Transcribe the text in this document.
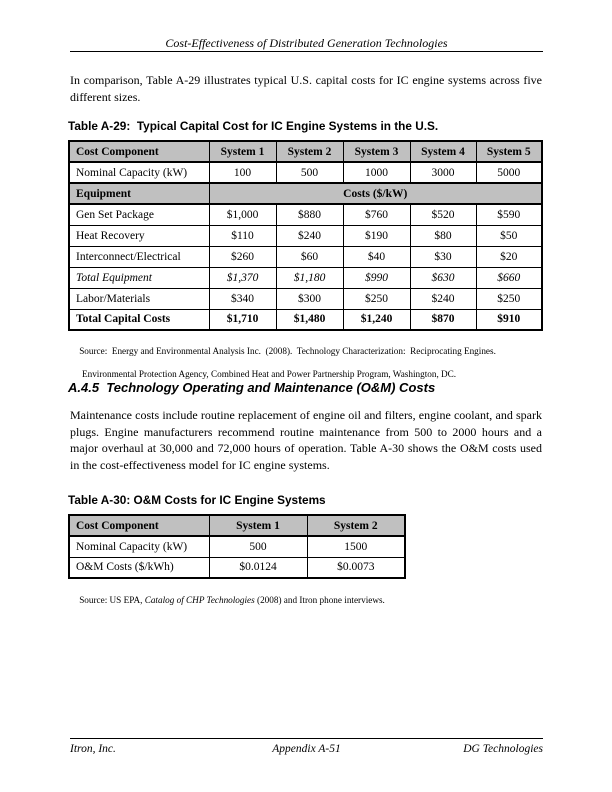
Cost-Effectiveness of Distributed Generation Technologies
In comparison, Table A-29 illustrates typical U.S. capital costs for IC engine systems across five different sizes.
Table A-29:  Typical Capital Cost for IC Engine Systems in the U.S.
Cost Component	System 1	System 2	System 3	System 4	System 5
Nominal Capacity (kW)	100	500	1000	3000	5000
Equipment	Costs ($/kW)				
Gen Set Package	$1,000	$880	$760	$520	$590
Heat Recovery	$110	$240	$190	$80	$50
Interconnect/Electrical	$260	$60	$40	$30	$20
Total Equipment	$1,370	$1,180	$990	$630	$660
Labor/Materials	$340	$300	$250	$240	$250
Total Capital Costs	$1,710	$1,480	$1,240	$870	$910

Source:  Energy and Environmental Analysis Inc.  (2008).  Technology Characterization:  Reciprocating Engines.

Environmental Protection Agency, Combined Heat and Power Partnership Program, Washington, DC.

A.4.5  Technology Operating and Maintenance (O&M) Costs
Maintenance costs include routine replacement of engine oil and filters, engine coolant, and spark plugs. Engine manufacturers recommend routine maintenance from 500 to 2000 hours and a major overhaul at 30,000 and 72,000 hours of operation. Table A-30 shows the O&M costs used in the cost-effectiveness model for IC engine systems.
Table A-30: O&M Costs for IC Engine Systems
Cost Component	System 1	System 2
Nominal Capacity (kW)	500	1500
O&M Costs ($/kWh)	$0.0124	$0.0073

Source: US EPA, Catalog of CHP Technologies (2008) and Itron phone interviews.

Itron, Inc.	Appendix A-51	DG Technologies
